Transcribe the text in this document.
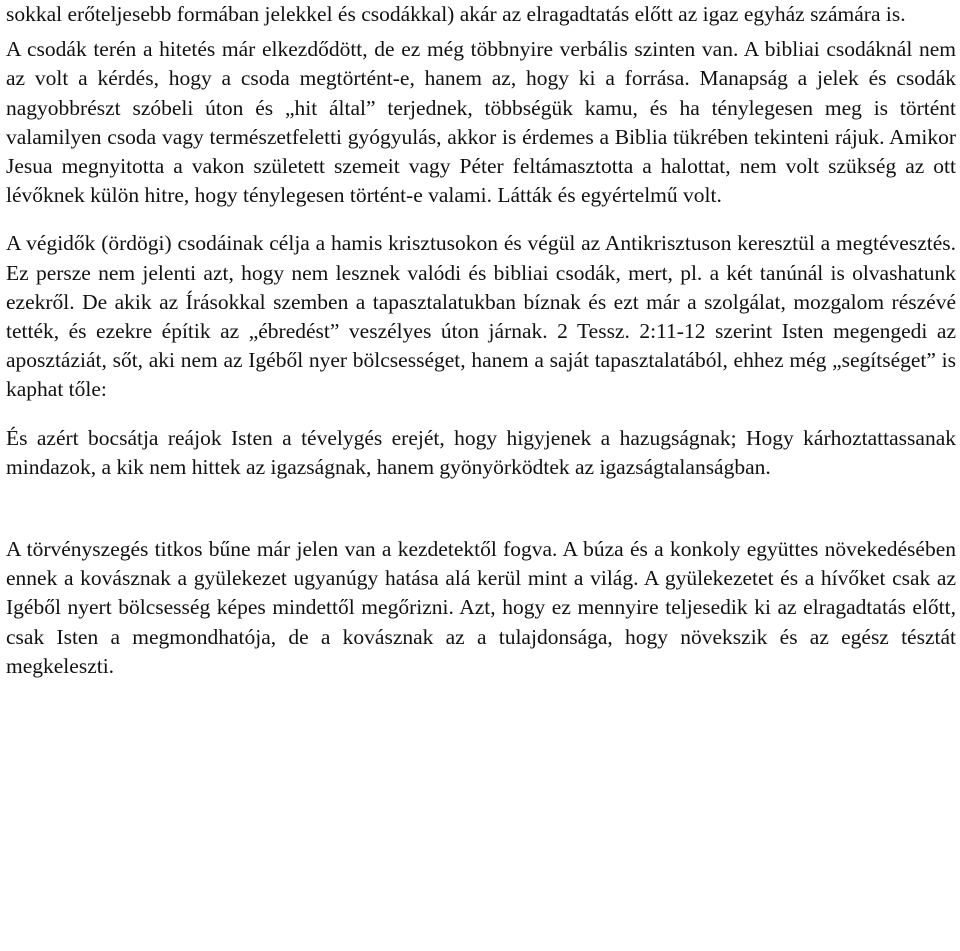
sokkal erőteljesebb formában jelekkel és csodákkal) akár az elragadtatás előtt az igaz egyház számára is.

A csodák terén a hitetés már elkezdődött, de ez még többnyire verbális szinten van. A bibliai csodáknál nem az volt a kérdés, hogy a csoda megtörtént-e, hanem az, hogy ki a forrása. Manapság a jelek és csodák nagyobbrészt szóbeli úton és „hit által” terjednek, többségük kamu, és ha ténylegesen meg is történt valamilyen csoda vagy természetfeletti gyógyulás, akkor is érdemes a Biblia tükrében tekinteni rájuk. Amikor Jesua megnyitotta a vakon született szemeit vagy Péter feltámasztotta a halottat, nem volt szükség az ott lévőknek külön hitre, hogy ténylegesen történt-e valami. Látták és egyértelmű volt.

A végidők (ördögi) csodáinak célja a hamis krisztusokon és végül az Antikrisztuson keresztül a megtévesztés. Ez persze nem jelenti azt, hogy nem lesznek valódi és bibliai csodák, mert, pl. a két tanúnál is olvashatunk ezekről. De akik az Írásokkal szemben a tapasztalatukban bíznak és ezt már a szolgálat, mozgalom részévé tették, és ezekre építik az „ébredést” veszélyes úton járnak. 2 Tessz. 2:11-12 szerint Isten megengedi az aposztáziát, sőt, aki nem az Igéből nyer bölcsességet, hanem a saját tapasztalatából, ehhez még „segítséget” is kaphat tőle:

És azért bocsátja reájok Isten a tévelygés erejét, hogy higyjenek a hazugságnak; Hogy kárhoztattassanak mindazok, a kik nem hittek az igazságnak, hanem gyönyörködtek az igazságtalanságban.

A törvényszegés titkos bűne már jelen van a kezdetektől fogva. A búza és a konkoly együttes növekedésében ennek a kovásznak a gyülekezet ugyanúgy hatása alá kerül mint a világ. A gyülekezetet és a hívőket csak az Igéből nyert bölcsesség képes mindettől megőrizni. Azt, hogy ez mennyire teljesedik ki az elragadtatás előtt, csak Isten a megmondhatója, de a kovásznak az a tulajdonsága, hogy növekszik és az egész tésztát megkeleszti.
